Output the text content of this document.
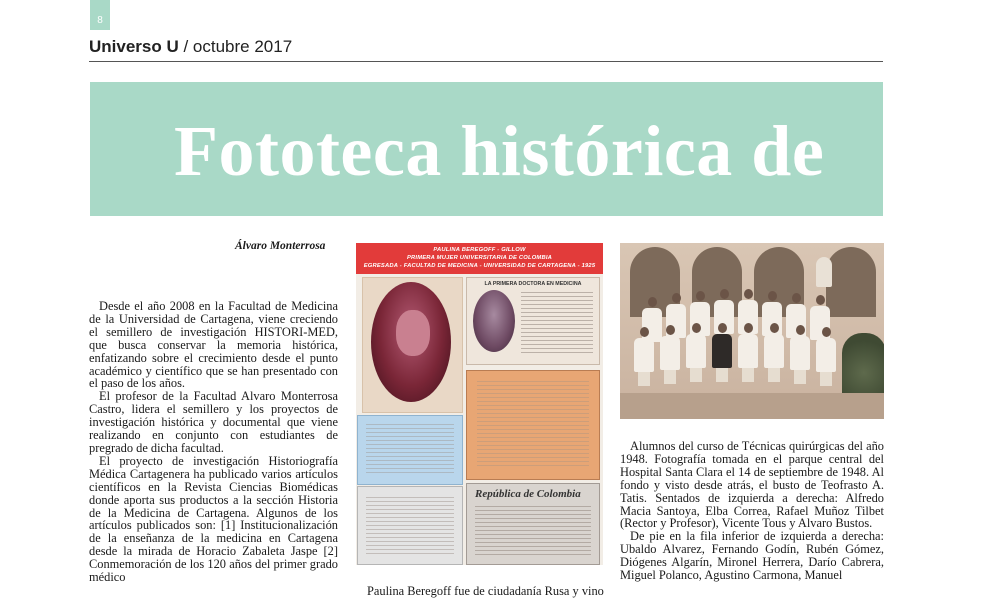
8
Universo U / octubre 2017
Fototeca histórica de
Álvaro Monterrosa

Desde el año 2008 en la Facultad de Medicina de la Universidad de Cartagena, viene creciendo el semillero de investigación HISTORI-MED, que busca conservar la memoria histórica, enfatizando sobre el crecimiento desde el punto académico y científico que se han presentado con el paso de los años.

El profesor de la Facultad Alvaro Monterrosa Castro, lidera el semillero y los proyectos de investigación histórica y documental que viene realizando en conjunto con estudiantes de pregrado de dicha facultad.

El proyecto de investigación Historiografía Médica Cartagenera ha publicado varios artículos científicos en la Revista Ciencias Biomédicas donde aporta sus productos a la sección Historia de la Medicina de Cartagena. Algunos de los artículos publicados son: [1] Institucionalización de la enseñanza de la medicina en Cartagena desde la mirada de Horacio Zabaleta Jaspe [2] Conmemoración de los 120 años del primer grado médico

PAULINA BEREGOFF - GILLOW
PRIMERA MUJER UNIVERSITARIA DE COLOMBIA
EGRESADA - FACULTAD DE MEDICINA - UNIVERSIDAD DE CARTAGENA - 1925
LA PRIMERA DOCTORA EN MEDICINA
República de Colombia
Paulina Beregoff fue de ciudadanía Rusa y vino

Alumnos del curso de Técnicas quirúrgicas del año 1948. Fotografía tomada en el parque central del Hospital Santa Clara el 14 de septiembre de 1948. Al fondo y visto desde atrás, el busto de Teofrasto A. Tatis. Sentados de izquierda a derecha: Alfredo Macia Santoya, Elba Correa, Rafael Muñoz Tilbet (Rector y Profesor), Vicente Tous y Alvaro Bustos.

De pie en la fila inferior de izquierda a derecha: Ubaldo Alvarez, Fernando Godín, Rubén Gómez, Diógenes Algarín, Mironel Herrera, Darío Cabrera, Miguel Polanco, Agustino Carmona, Manuel
